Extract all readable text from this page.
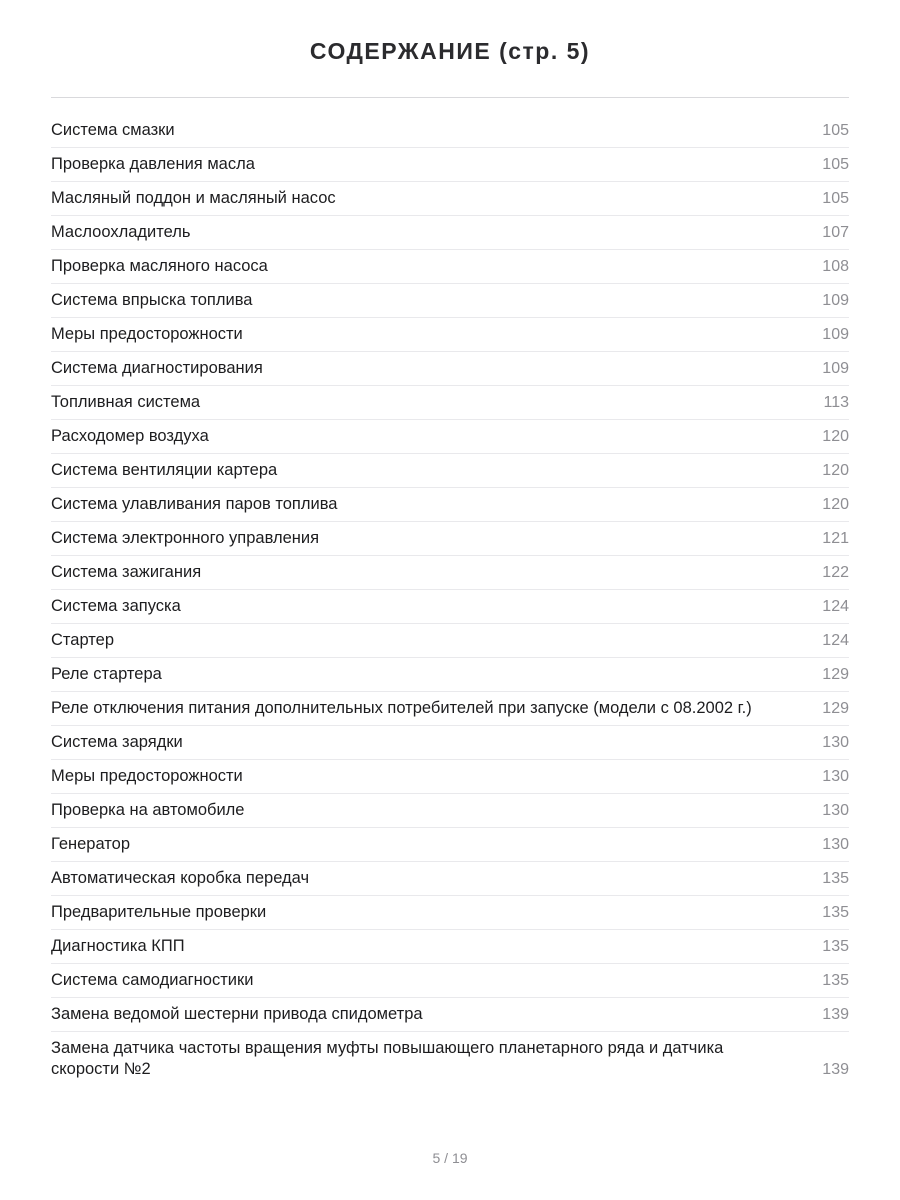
СОДЕРЖАНИЕ (стр. 5)
Система смазки	105
Проверка давления масла	105
Масляный поддон и масляный насос	105
Маслоохладитель	107
Проверка масляного насоса	108
Система впрыска топлива	109
Меры предосторожности	109
Система диагностирования	109
Топливная система	113
Расходомер воздуха	120
Система вентиляции картера	120
Система улавливания паров топлива	120
Система электронного управления	121
Система зажигания	122
Система запуска	124
Стартер	124
Реле стартера	129
Реле отключения питания дополнительных потребителей при запуске (модели с 08.2002 г.)	129
Система зарядки	130
Меры предосторожности	130
Проверка на автомобиле	130
Генератор	130
Автоматическая коробка передач	135
Предварительные проверки	135
Диагностика КПП	135
Система самодиагностики	135
Замена ведомой шестерни привода спидометра	139
Замена датчика частоты вращения муфты повышающего планетарного ряда и датчика скорости №2	139
5 / 19
